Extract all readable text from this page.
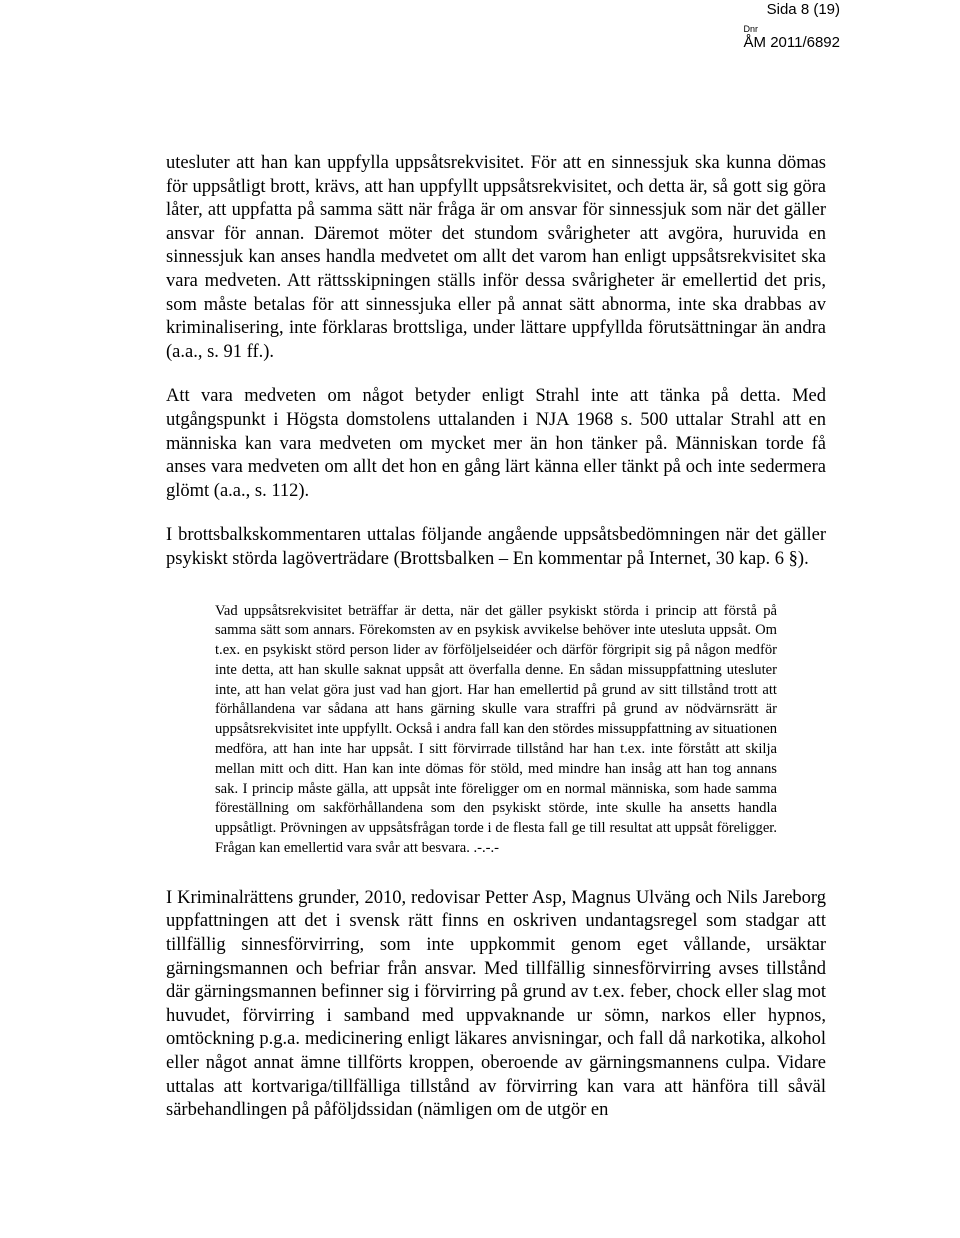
Sida 8 (19)
Dnr
ÅM 2011/6892

utesluter att han kan uppfylla uppsåtsrekvisitet. För att en sinnessjuk ska kunna dömas för uppsåtligt brott, krävs, att han uppfyllt uppsåtsrekvisitet, och detta är, så gott sig göra låter, att uppfatta på samma sätt när fråga är om ansvar för sinnessjuk som när det gäller ansvar för annan. Däremot möter det stundom svårigheter att avgöra, huruvida en sinnessjuk kan anses handla medvetet om allt det varom han enligt uppsåtsrekvisitet ska vara medveten. Att rättsskipningen ställs inför dessa svårigheter är emellertid det pris, som måste betalas för att sinnessjuka eller på annat sätt abnorma, inte ska drabbas av kriminalisering, inte förklaras brottsliga, under lättare uppfyllda förutsättningar än andra (a.a., s. 91 ff.).

Att vara medveten om något betyder enligt Strahl inte att tänka på detta. Med utgångspunkt i Högsta domstolens uttalanden i NJA 1968 s. 500 uttalar Strahl att en människa kan vara medveten om mycket mer än hon tänker på. Människan torde få anses vara medveten om allt det hon en gång lärt känna eller tänkt på och inte sedermera glömt (a.a., s. 112).

I brottsbalkskommentaren uttalas följande angående uppsåtsbedömningen när det gäller psykiskt störda lagöverträdare (Brottsbalken – En kommentar på Internet, 30 kap. 6 §).

Vad uppsåtsrekvisitet beträffar är detta, när det gäller psykiskt störda i princip att förstå på samma sätt som annars. Förekomsten av en psykisk avvikelse behöver inte utesluta uppsåt. Om t.ex. en psykiskt störd person lider av förföljelseidéer och därför förgripit sig på någon medför inte detta, att han skulle saknat uppsåt att överfalla denne. En sådan missuppfattning utesluter inte, att han velat göra just vad han gjort. Har han emellertid på grund av sitt tillstånd trott att förhållandena var sådana att hans gärning skulle vara straffri på grund av nödvärnsrätt är uppsåtsrekvisitet inte uppfyllt. Också i andra fall kan den stördes missuppfattning av situationen medföra, att han inte har uppsåt. I sitt förvirrade tillstånd har han t.ex. inte förstått att skilja mellan mitt och ditt. Han kan inte dömas för stöld, med mindre han insåg att han tog annans sak. I princip måste gälla, att uppsåt inte föreligger om en normal människa, som hade samma föreställning om sakförhållandena som den psykiskt störde, inte skulle ha ansetts handla uppsåtligt. Prövningen av uppsåtsfrågan torde i de flesta fall ge till resultat att uppsåt föreligger. Frågan kan emellertid vara svår att besvara. .-.-.-

I Kriminalrättens grunder, 2010, redovisar Petter Asp, Magnus Ulväng och Nils Jareborg uppfattningen att det i svensk rätt finns en oskriven undantagsregel som stadgar att tillfällig sinnesförvirring, som inte uppkommit genom eget vållande, ursäktar gärningsmannen och befriar från ansvar. Med tillfällig sinnesförvirring avses tillstånd där gärningsmannen befinner sig i förvirring på grund av t.ex. feber, chock eller slag mot huvudet, förvirring i samband med uppvaknande ur sömn, narkos eller hypnos, omtöckning p.g.a. medicinering enligt läkares anvisningar, och fall då narkotika, alkohol eller något annat ämne tillförts kroppen, oberoende av gärningsmannens culpa. Vidare uttalas att kortvariga/tillfälliga tillstånd av förvirring kan vara att hänföra till såväl särbehandlingen på påföljdssidan (nämligen om de utgör en
